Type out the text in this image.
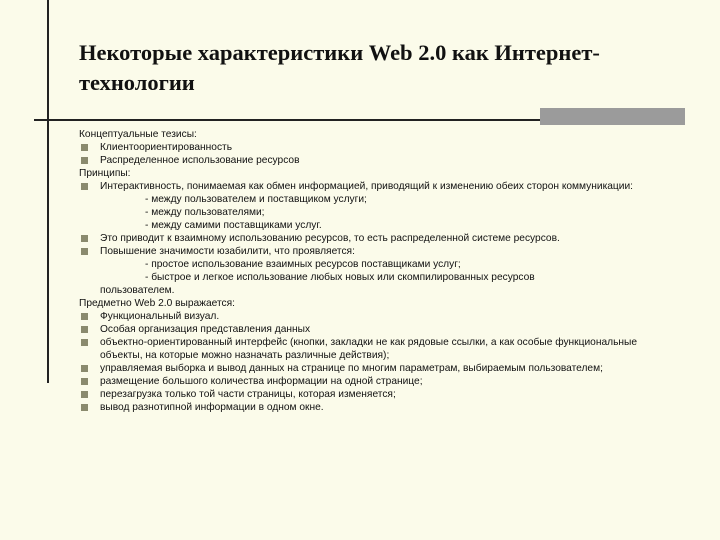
Некоторые характеристики Web 2.0 как Интернет-
технологии
Концептуальные тезисы:
Клиентоориентированность
Распределенное использование ресурсов
Принципы:
Интерактивность, понимаемая как обмен информацией, приводящий к изменению обеих сторон коммуникации:
- между пользователем и поставщиком услуги;
- между пользователями;
- между самими поставщиками услуг.
Это приводит к взаимному использованию ресурсов, то есть распределенной системе ресурсов.
Повышение значимости юзабилити, что проявляется:
- простое использование взаимных ресурсов поставщиками услуг;
- быстрое и легкое использование любых новых или скомпилированных ресурсов
пользователем.
Предметно Web 2.0 выражается:
Функциональный визуал.
Особая организация представления данных
объектно-ориентированный интерфейс (кнопки, закладки не как рядовые ссылки, а как особые функциональные объекты, на которые можно назначать различные действия);
управляемая выборка и вывод данных на странице по многим параметрам, выбираемым пользователем;
размещение большого количества информации на одной странице;
перезагрузка только той части страницы, которая изменяется;
вывод разнотипной информации в одном окне.
